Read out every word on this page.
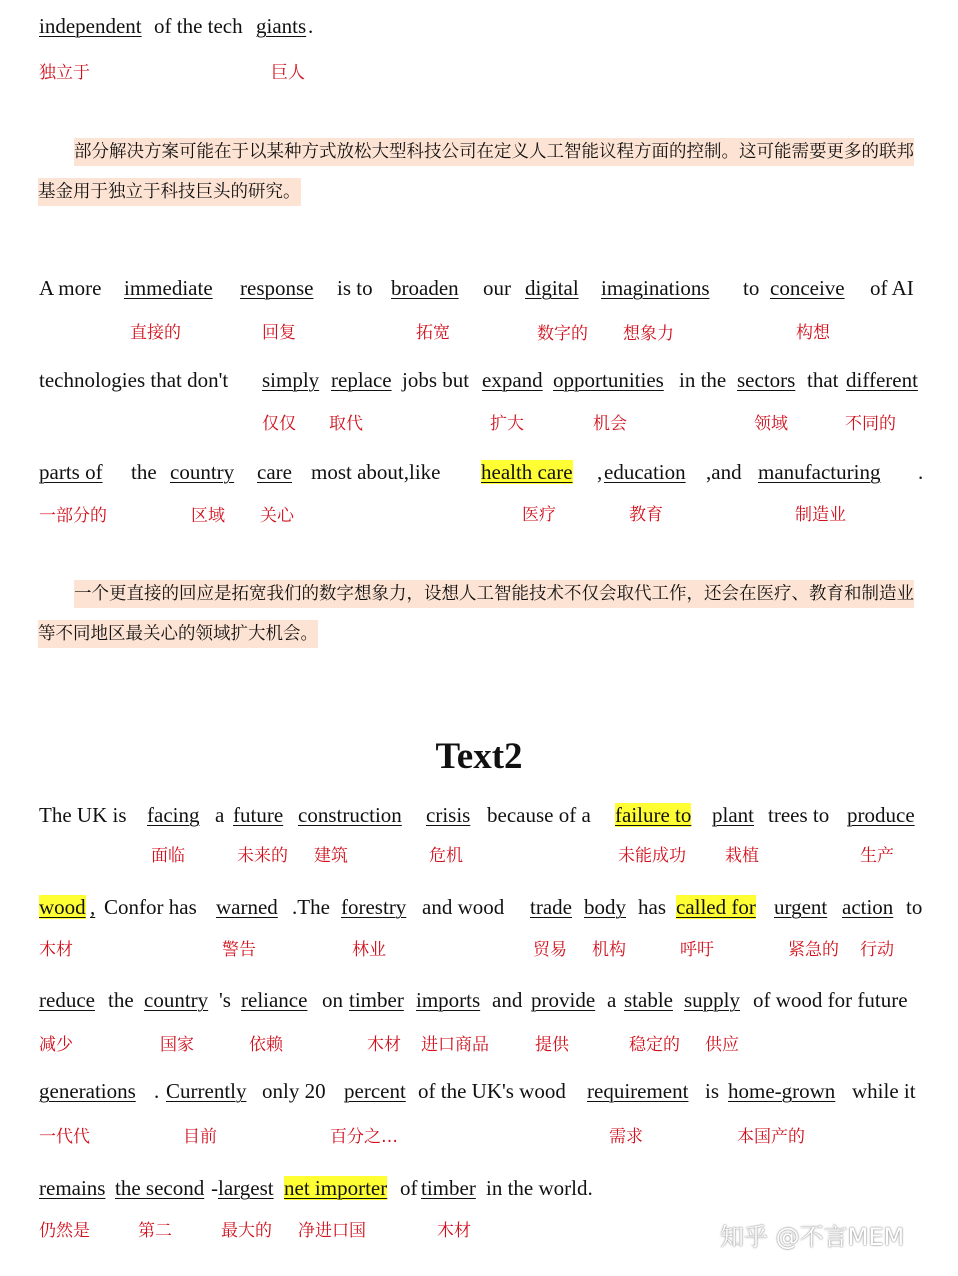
independent of the tech giants .
独立于	巨人

部分解决方案可能在于以某种方式放松大型科技公司在定义人工智能议程方面的控制。这可能需要更多的联邦基金用于独立于科技巨头的研究。

A more immediate response is to broaden our digital imaginations to conceive of AI
直接的	回复	拓宽	数字的 想象力	构想
technologies that don't simply replace jobs but expand opportunities in the sectors that different
仅仅 取代	扩大	机会	领域	不同的
parts of the country care most about,like health care , education ,and manufacturing .
一部分的	区域 关心	医疗	教育	制造业

一个更直接的回应是拓宽我们的数字想象力，设想人工智能技术不仅会取代工作，还会在医疗、教育和制造业等不同地区最关心的领域扩大机会。

Text2
The UK is facing a future construction crisis because of a failure to plant trees to produce
面临	未来的 建筑	危机	未能成功 栽植	生产
wood , Confor has warned .The forestry and wood trade body has called for urgent action to
木材	警告	林业	贸易 机构	呼吁	紧急的 行动
reduce the country 's reliance on timber imports and provide a stable supply of wood for future
减少	国家	依赖	木材 进口商品	提供	稳定的 供应
generations . Currently only 20 percent of the UK's wood requirement is home-grown while it
一代代	目前	百分之…	需求	本国产的
remains the second - largest net importer of timber in the world.
仍然是	第二	最大的 净进口国	木材	知乎 @不言MEM
